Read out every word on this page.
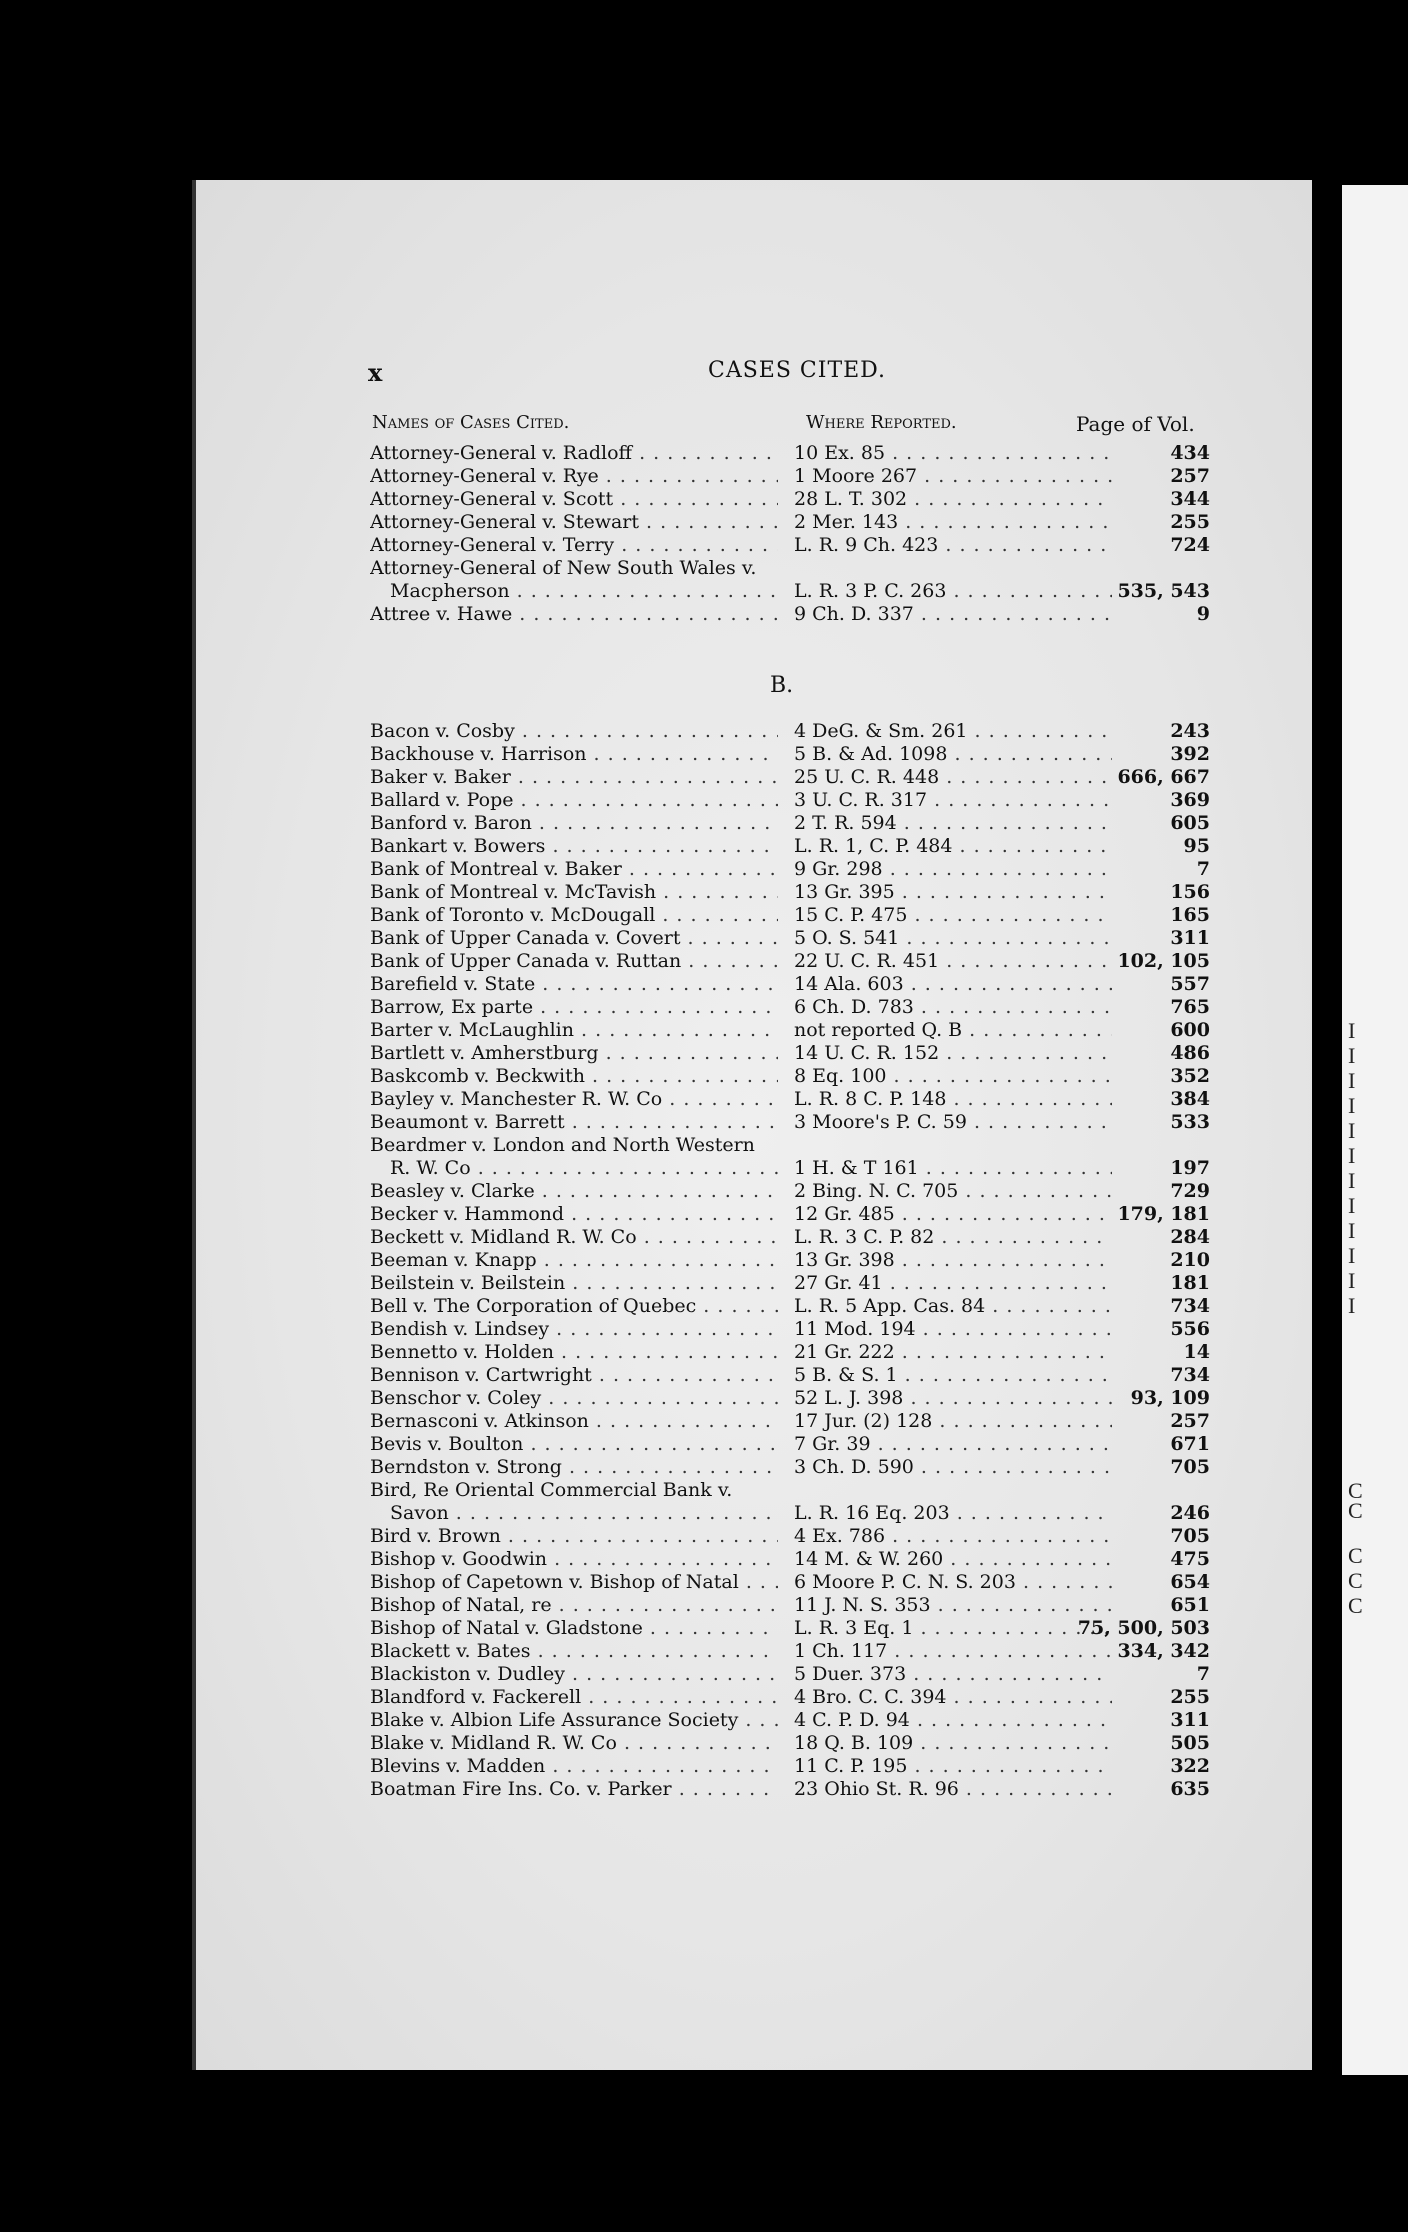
I
I
I
I
I
I
I
I
I
I
I
I
C
C
C
C
C
x	CASES CITED.
Names of Cases Cited.	Where Reported.	Page of Vol.
Attorney-General v. Radloff . . .	10 Ex. 85 . . .	434
Attorney-General v. Rye . . .	1 Moore 267 . . .	257
Attorney-General v. Scott . . .	28 L. T. 302 . . .	344
Attorney-General v. Stewart . . .	2 Mer. 143 . . .	255
Attorney-General v. Terry . . .	L. R. 9 Ch. 423 . . .	724
Attorney-General of New South Wales v.
Macpherson . . .	L. R. 3 P. C. 263 . . .	535, 543
Attree v. Hawe . . .	9 Ch. D. 337 . . .	9
B.
Bacon v. Cosby . . .	4 DeG. & Sm. 261 . . .	243
Backhouse v. Harrison . . .	5 B. & Ad. 1098 . . .	392
Baker v. Baker . . .	25 U. C. R. 448 . . .	666, 667
Ballard v. Pope . . .	3 U. C. R. 317 . . .	369
Banford v. Baron . . .	2 T. R. 594 . . .	605
Bankart v. Bowers . . .	L. R. 1, C. P. 484 . . .	95
Bank of Montreal v. Baker . . .	9 Gr. 298 . . .	7
Bank of Montreal v. McTavish . . .	13 Gr. 395 . . .	156
Bank of Toronto v. McDougall . . .	15 C. P. 475 . . .	165
Bank of Upper Canada v. Covert . . .	5 O. S. 541 . . .	311
Bank of Upper Canada v. Ruttan . . .	22 U. C. R. 451 . . .	102, 105
Barefield v. State . . .	14 Ala. 603 . . .	557
Barrow, Ex parte . . .	6 Ch. D. 783 . . .	765
Barter v. McLaughlin . . .	not reported Q. B . . .	600
Bartlett v. Amherstburg . . .	14 U. C. R. 152 . . .	486
Baskcomb v. Beckwith . . .	8 Eq. 100 . . .	352
Bayley v. Manchester R. W. Co . . .	L. R. 8 C. P. 148 . . .	384
Beaumont v. Barrett . . .	3 Moore's P. C. 59 . . .	533
Beardmer v. London and North Western
R. W. Co . . .	1 H. & T 161 . . .	197
Beasley v. Clarke . . .	2 Bing. N. C. 705 . . .	729
Becker v. Hammond . . .	12 Gr. 485 . . .	179, 181
Beckett v. Midland R. W. Co . . .	L. R. 3 C. P. 82 . . .	284
Beeman v. Knapp . . .	13 Gr. 398 . . .	210
Beilstein v. Beilstein . . .	27 Gr. 41 . . .	181
Bell v. The Corporation of Quebec . . .	L. R. 5 App. Cas. 84 . . .	734
Bendish v. Lindsey . . .	11 Mod. 194 . . .	556
Bennetto v. Holden . . .	21 Gr. 222 . . .	14
Bennison v. Cartwright . . .	5 B. & S. 1 . . .	734
Benschor v. Coley . . .	52 L. J. 398 . . .	93, 109
Bernasconi v. Atkinson . . .	17 Jur. (2) 128 . . .	257
Bevis v. Boulton . . .	7 Gr. 39 . . .	671
Berndston v. Strong . . .	3 Ch. D. 590 . . .	705
Bird, Re Oriental Commercial Bank v.
Savon . . .	L. R. 16 Eq. 203 . . .	246
Bird v. Brown . . .	4 Ex. 786 . . .	705
Bishop v. Goodwin . . .	14 M. & W. 260 . . .	475
Bishop of Capetown v. Bishop of Natal . . .	6 Moore P. C. N. S. 203 . . .	654
Bishop of Natal, re . . .	11 J. N. S. 353 . . .	651
Bishop of Natal v. Gladstone . . .	L. R. 3 Eq. 1 . . .	75, 500, 503
Blackett v. Bates . . .	1 Ch. 117 . . .	334, 342
Blackiston v. Dudley . . .	5 Duer. 373 . . .	7
Blandford v. Fackerell . . .	4 Bro. C. C. 394 . . .	255
Blake v. Albion Life Assurance Society . . .	4 C. P. D. 94 . . .	311
Blake v. Midland R. W. Co . . .	18 Q. B. 109 . . .	505
Blevins v. Madden . . .	11 C. P. 195 . . .	322
Boatman Fire Ins. Co. v. Parker . . .	23 Ohio St. R. 96 . . .	635
